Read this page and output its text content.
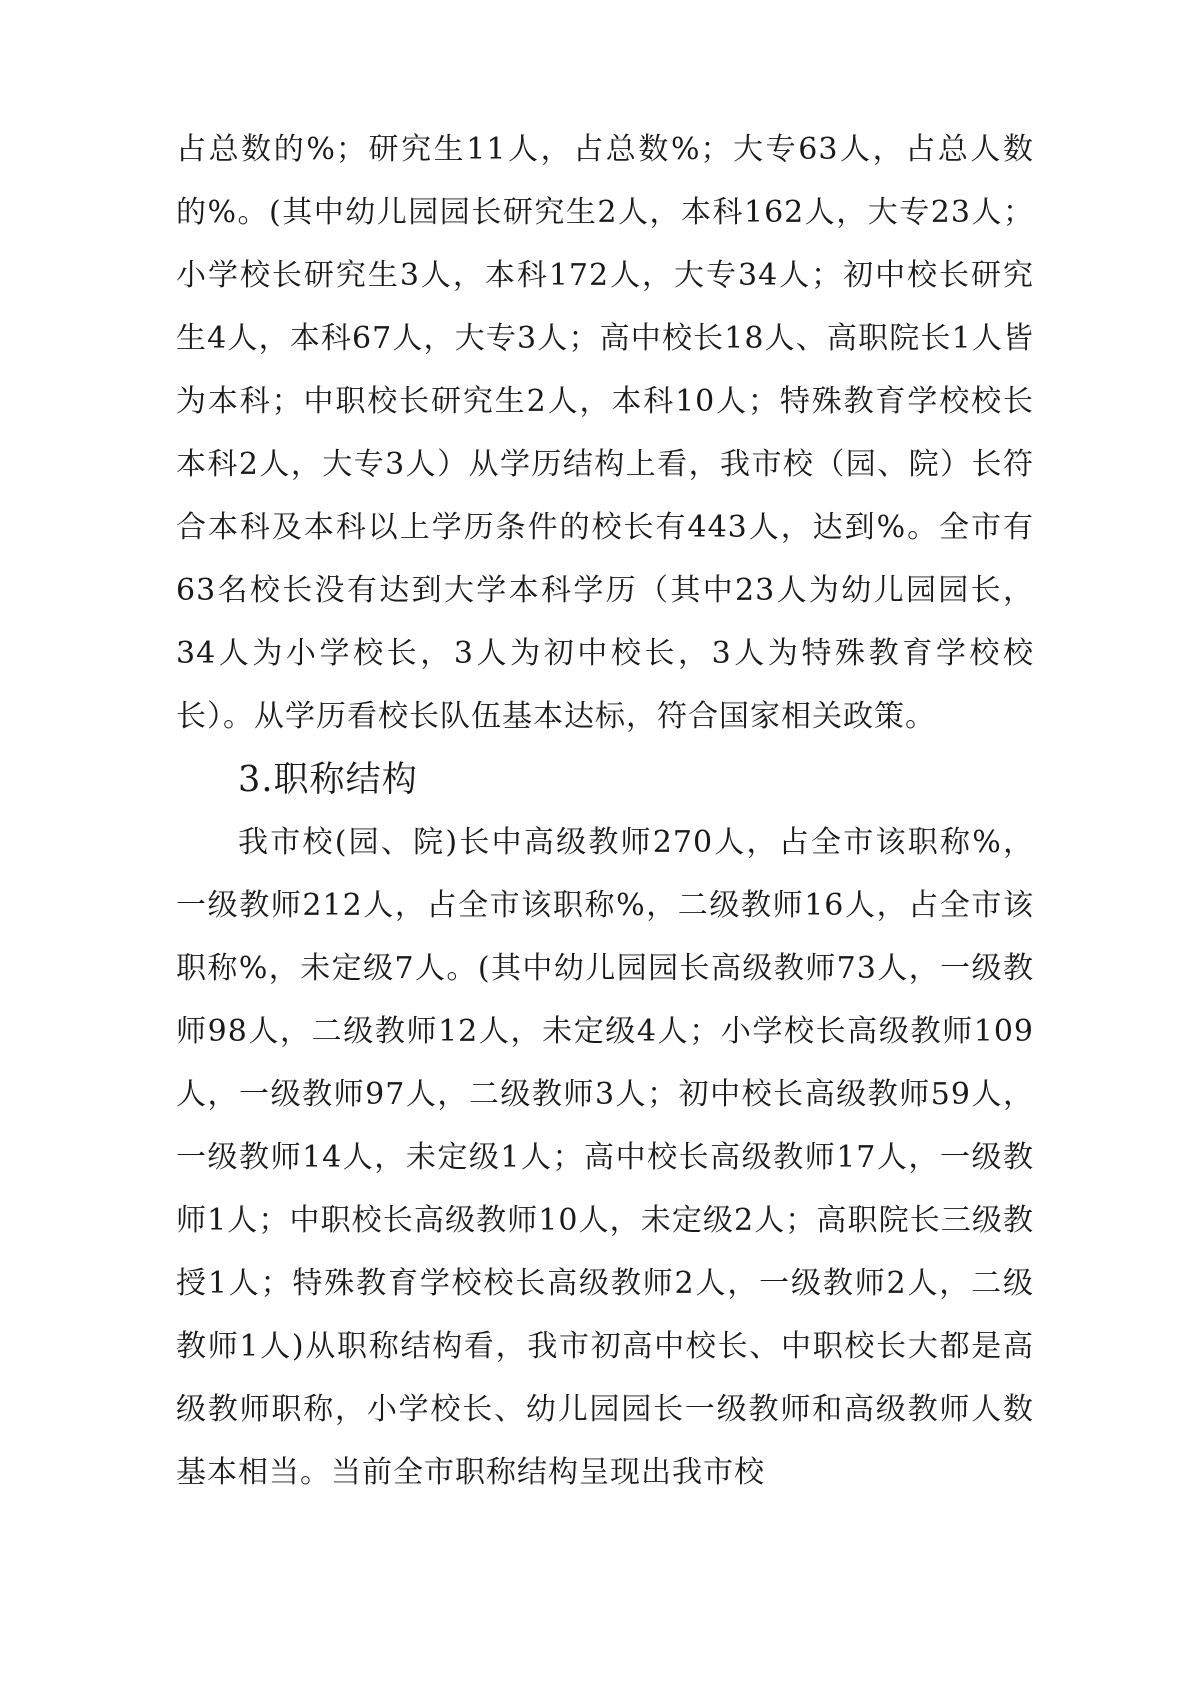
占总数的%；研究生11人，占总数%；大专63人，占总人数的%。(其中幼儿园园长研究生2人，本科162人，大专23人；小学校长研究生3人，本科172人，大专34人；初中校长研究生4人，本科67人，大专3人；高中校长18人、高职院长1人皆为本科；中职校长研究生2人，本科10人；特殊教育学校校长本科2人，大专3人）从学历结构上看，我市校（园、院）长符合本科及本科以上学历条件的校长有443人，达到%。全市有63名校长没有达到大学本科学历（其中23人为幼儿园园长，34人为小学校长，3人为初中校长，3人为特殊教育学校校长）。从学历看校长队伍基本达标，符合国家相关政策。

3.职称结构

我市校(园、院)长中高级教师270人，占全市该职称%，一级教师212人，占全市该职称%，二级教师16人，占全市该职称%，未定级7人。(其中幼儿园园长高级教师73人，一级教师98人，二级教师12人，未定级4人；小学校长高级教师109人，一级教师97人，二级教师3人；初中校长高级教师59人，一级教师14人，未定级1人；高中校长高级教师17人，一级教师1人；中职校长高级教师10人，未定级2人；高职院长三级教授1人；特殊教育学校校长高级教师2人，一级教师2人，二级教师1人)从职称结构看，我市初高中校长、中职校长大都是高级教师职称，小学校长、幼儿园园长一级教师和高级教师人数基本相当。当前全市职称结构呈现出我市校
